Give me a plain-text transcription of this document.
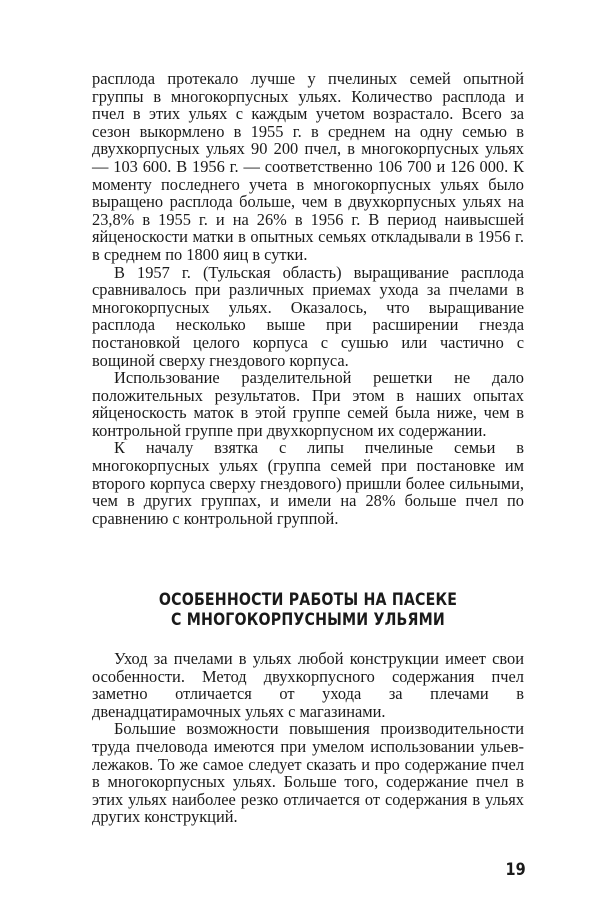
расплода протекало лучше у пчелиных семей опытной группы в многокорпусных ульях. Количество расплода и пчел в этих ульях с каждым учетом возрастало. Всего за сезон выкормлено в 1955 г. в среднем на одну семью в двухкорпусных ульях 90 200 пчел, в многокорпусных ульях — 103 600. В 1956 г. — соответственно 106 700 и 126 000. К моменту последнего учета в многокорпусных ульях было выращено расплода больше, чем в двухкорпусных ульях на 23,8% в 1955 г. и на 26% в 1956 г. В период наивысшей яйценоскости матки в опытных семьях откладывали в 1956 г. в среднем по 1800 яиц в сутки.

В 1957 г. (Тульская область) выращивание расплода сравнивалось при различных приемах ухода за пчелами в многокорпусных ульях. Оказалось, что выращивание расплода несколько выше при расширении гнезда постановкой целого корпуса с сушью или частично с вощиной сверху гнездового корпуса.

Использование разделительной решетки не дало положительных результатов. При этом в наших опытах яйценоскость маток в этой группе семей была ниже, чем в контрольной группе при двухкорпусном их содержании.

К началу взятка с липы пчелиные семьи в многокорпусных ульях (группа семей при постановке им второго корпуса сверху гнездового) пришли более сильными, чем в других группах, и имели на 28% больше пчел по сравнению с контрольной группой.

ОСОБЕННОСТИ РАБОТЫ НА ПАСЕКЕ
С МНОГОКОРПУСНЫМИ УЛЬЯМИ

Уход за пчелами в ульях любой конструкции имеет свои особенности. Метод двухкорпусного содержания пчел заметно отличается от ухода за плечами в двенадцатирамочных ульях с магазинами.

Большие возможности повышения производительности труда пчеловода имеются при умелом использовании ульев-лежаков. То же самое следует сказать и про содержание пчел в многокорпусных ульях. Больше того, содержание пчел в этих ульях наиболее резко отличается от содержания в ульях других конструкций.

19
